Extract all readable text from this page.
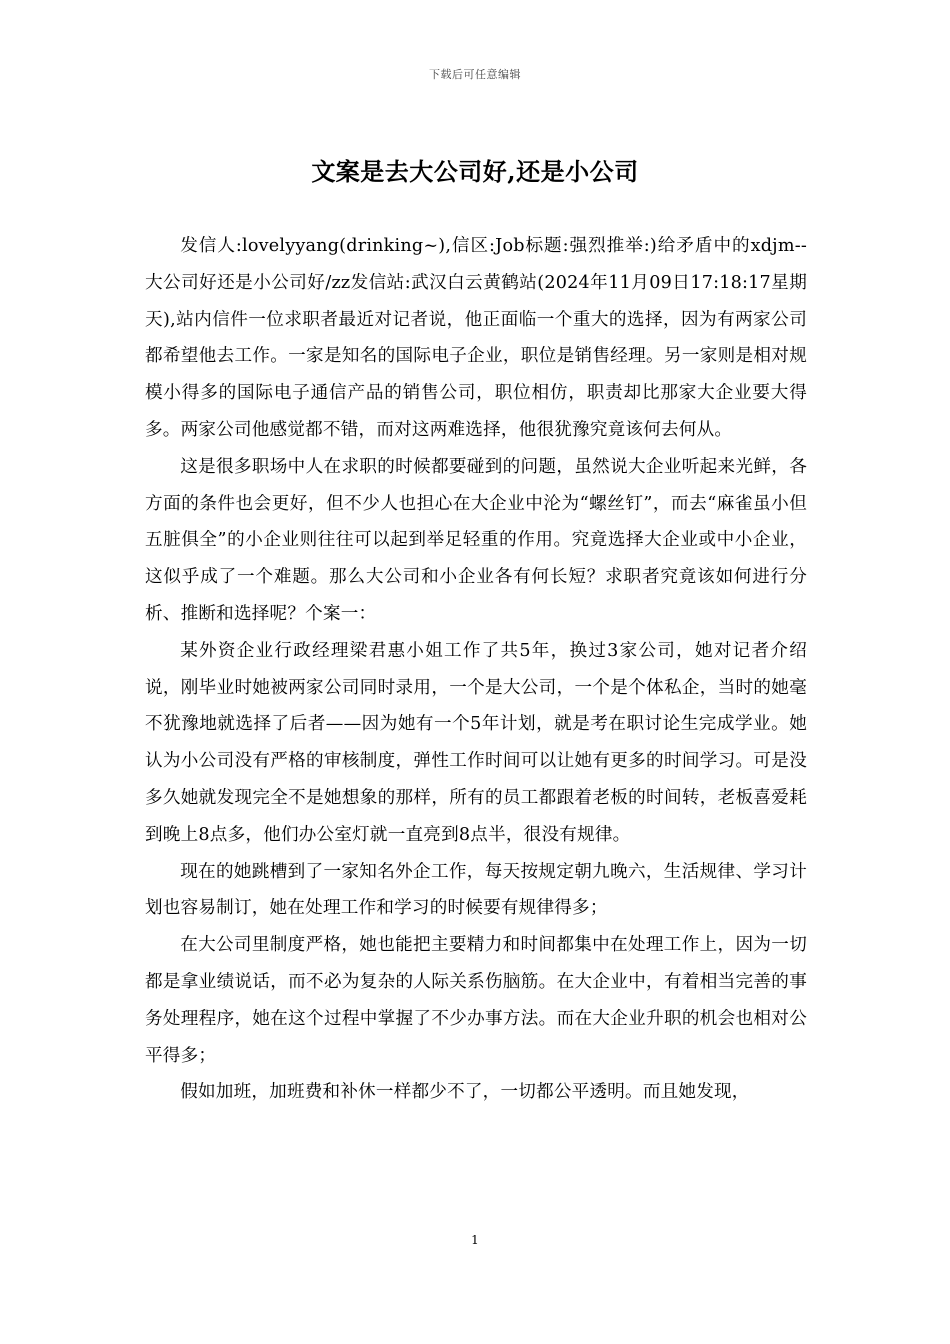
下载后可任意编辑
文案是去大公司好,还是小公司

发信人:lovelyyang(drinking~),信区:Job标题:强烈推举:)给矛盾中的xdjm--大公司好还是小公司好/zz发信站:武汉白云黄鹤站(2024年11月09日17:18:17星期天),站内信件一位求职者最近对记者说，他正面临一个重大的选择，因为有两家公司都希望他去工作。一家是知名的国际电子企业，职位是销售经理。另一家则是相对规模小得多的国际电子通信产品的销售公司，职位相仿，职责却比那家大企业要大得多。两家公司他感觉都不错，而对这两难选择，他很犹豫究竟该何去何从。

这是很多职场中人在求职的时候都要碰到的问题，虽然说大企业听起来光鲜，各方面的条件也会更好，但不少人也担心在大企业中沦为“螺丝钉”，而去“麻雀虽小但五脏俱全”的小企业则往往可以起到举足轻重的作用。究竟选择大企业或中小企业，这似乎成了一个难题。那么大公司和小企业各有何长短？求职者究竟该如何进行分析、推断和选择呢？个案一：

某外资企业行政经理梁君惠小姐工作了共5年，换过3家公司，她对记者介绍说，刚毕业时她被两家公司同时录用，一个是大公司，一个是个体私企，当时的她毫不犹豫地就选择了后者——因为她有一个5年计划，就是考在职讨论生完成学业。她认为小公司没有严格的审核制度，弹性工作时间可以让她有更多的时间学习。可是没多久她就发现完全不是她想象的那样，所有的员工都跟着老板的时间转，老板喜爱耗到晚上8点多，他们办公室灯就一直亮到8点半，很没有规律。

现在的她跳槽到了一家知名外企工作，每天按规定朝九晚六，生活规律、学习计划也容易制订，她在处理工作和学习的时候要有规律得多；

在大公司里制度严格，她也能把主要精力和时间都集中在处理工作上，因为一切都是拿业绩说话，而不必为复杂的人际关系伤脑筋。在大企业中，有着相当完善的事务处理程序，她在这个过程中掌握了不少办事方法。而在大企业升职的机会也相对公平得多；

假如加班，加班费和补休一样都少不了，一切都公平透明。而且她发现，

1
